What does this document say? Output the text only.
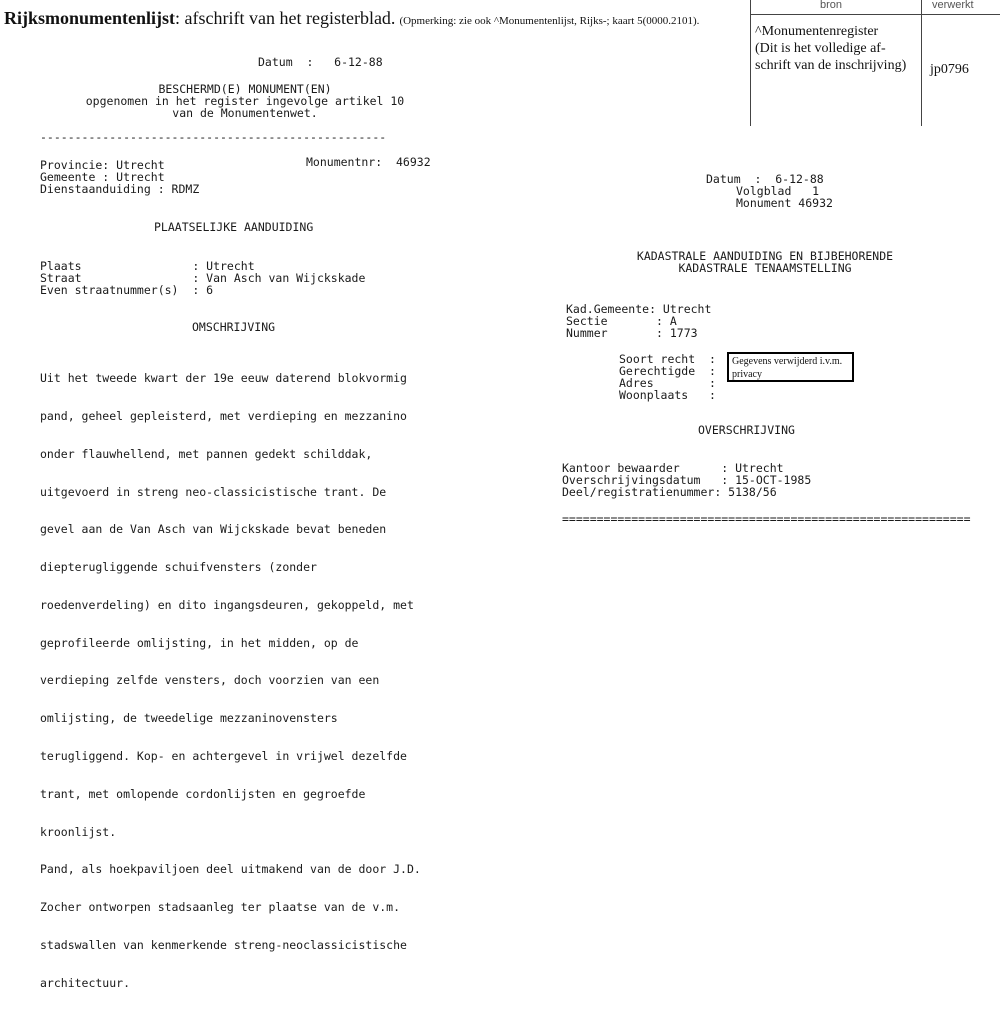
Rijksmonumentenlijst: afschrift van het registerblad. (Opmerking: zie ook ^Monumentenlijst, Rijks-; kaart 5(0000.2101).
bron	verwerkt
^Monumentenregister
(Dit is het volledige af-
schrift van de inschrijving)	jp0796
Datum  :   6-12-88
BESCHERMD(E) MONUMENT(EN)
opgenomen in het register ingevolge artikel 10
van de Monumentenwet.
--------------------------------------------------
Provincie: Utrecht	Monumentnr:  46932
Gemeente : Utrecht
Dienstaanduiding : RDMZ
PLAATSELIJKE AANDUIDING
Plaats                : Utrecht
Straat                : Van Asch van Wijckskade
Even straatnummer(s)  : 6
OMSCHRIJVING

Uit het tweede kwart der 19e eeuw daterend blokvormig

pand, geheel gepleisterd, met verdieping en mezzanino

onder flauwhellend, met pannen gedekt schilddak,

uitgevoerd in streng neo-classicistische trant. De

gevel aan de Van Asch van Wijckskade bevat beneden

diepterugliggende schuifvensters (zonder

roedenverdeling) en dito ingangsdeuren, gekoppeld, met

geprofileerde omlijsting, in het midden, op de

verdieping zelfde vensters, doch voorzien van een

omlijsting, de tweedelige mezzaninovensters

terugliggend. Kop- en achtergevel in vrijwel dezelfde

trant, met omlopende cordonlijsten en gegroefde

kroonlijst.

Pand, als hoekpaviljoen deel uitmakend van de door J.D.

Zocher ontworpen stadsaanleg ter plaatse van de v.m.

stadswallen van kenmerkende streng-neoclassicistische

architectuur.

Datum  :  6-12-88
Volgblad   1
Monument 46932
KADASTRALE AANDUIDING EN BIJBEHORENDE
KADASTRALE TENAAMSTELLING
Kad.Gemeente: Utrecht
Sectie       : A
Nummer       : 1773
Soort recht  :
Gerechtigde  :
Adres        :
Woonplaats   :
OVERSCHRIJVING
Kantoor bewaarder      : Utrecht
Overschrijvingsdatum   : 15-OCT-1985
Deel/registratienummer: 5138/56
===========================================================
Gegevens verwijderd i.v.m. privacy
